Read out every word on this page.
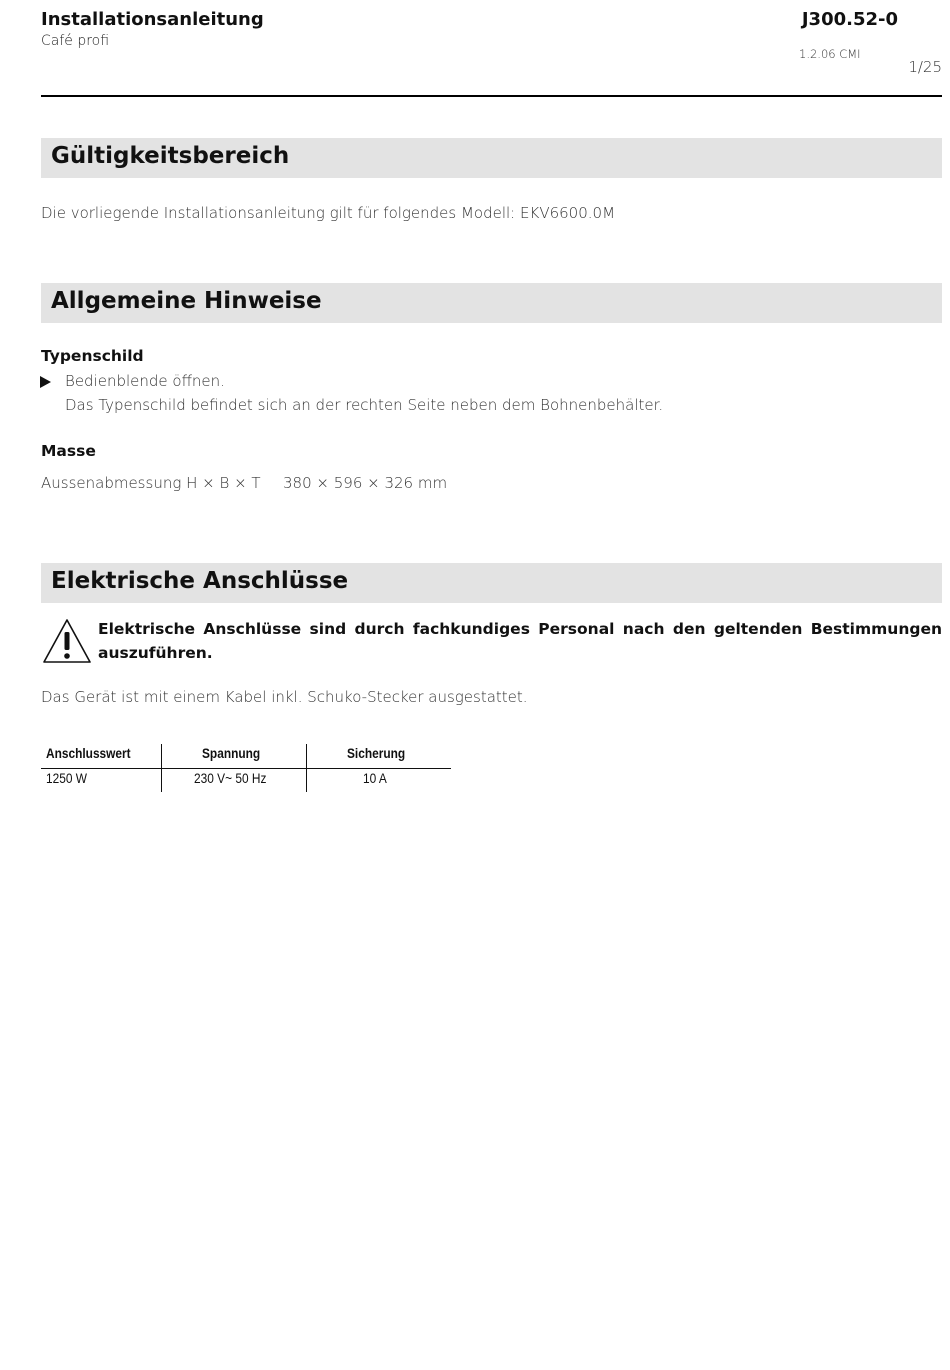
Installationsanleitung
Café profi
J300.52-0
1.2.06 CMI
1/25
Gültigkeitsbereich
Die vorliegende Installationsanleitung gilt für folgendes Modell: EKV6600.0M
Allgemeine Hinweise
Typenschild
Bedienblende öffnen.
Das Typenschild befindet sich an der rechten Seite neben dem Bohnenbehälter.
Masse
Aussenabmessung H × B × T 380 × 596 × 326 mm
Elektrische Anschlüsse
Elektrische Anschlüsse sind durch fachkundiges Personal nach den geltenden Bestimmungen auszuführen.
Das Gerät ist mit einem Kabel inkl. Schuko-Stecker ausgestattet.
Anschlusswert	Spannung	Sicherung
1250 W	230 V~ 50 Hz	10 A
